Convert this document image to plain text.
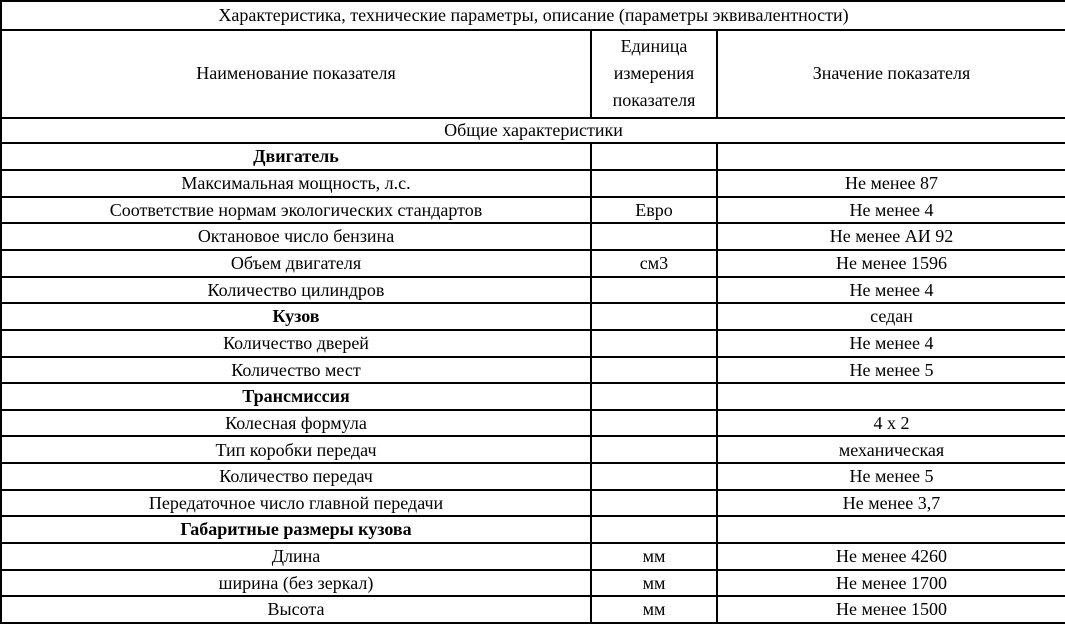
Характеристика, технические параметры, описание (параметры эквивалентности)		
Наименование показателя	Единица измерения показателя	Значение показателя
Общие характеристики		
Двигатель		
Максимальная мощность, л.с.		Не менее 87
Соответствие нормам экологических стандартов	Евро	Не менее 4
Октановое число бензина		Не менее АИ 92
Объем двигателя	см3	Не менее 1596
Количество цилиндров		Не менее 4
Кузов		седан
Количество дверей		Не менее 4
Количество мест		Не менее 5
Трансмиссия		
Колесная формула		4 х 2
Тип коробки передач		механическая
Количество передач		Не менее 5
Передаточное число главной передачи		Не менее 3,7
Габаритные размеры кузова		
Длина	мм	Не менее 4260
ширина (без зеркал)	мм	Не менее 1700
Высота	мм	Не менее 1500
